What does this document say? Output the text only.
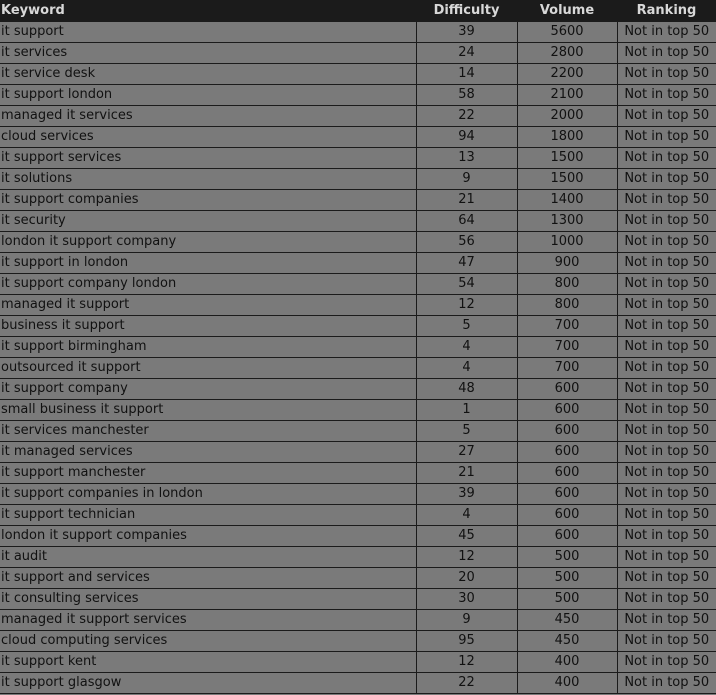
Keyword	Difficulty	Volume	Ranking
it support	39	5600	Not in top 50
it services	24	2800	Not in top 50
it service desk	14	2200	Not in top 50
it support london	58	2100	Not in top 50
managed it services	22	2000	Not in top 50
cloud services	94	1800	Not in top 50
it support services	13	1500	Not in top 50
it solutions	9	1500	Not in top 50
it support companies	21	1400	Not in top 50
it security	64	1300	Not in top 50
london it support company	56	1000	Not in top 50
it support in london	47	900	Not in top 50
it support company london	54	800	Not in top 50
managed it support	12	800	Not in top 50
business it support	5	700	Not in top 50
it support birmingham	4	700	Not in top 50
outsourced it support	4	700	Not in top 50
it support company	48	600	Not in top 50
small business it support	1	600	Not in top 50
it services manchester	5	600	Not in top 50
it managed services	27	600	Not in top 50
it support manchester	21	600	Not in top 50
it support companies in london	39	600	Not in top 50
it support technician	4	600	Not in top 50
london it support companies	45	600	Not in top 50
it audit	12	500	Not in top 50
it support and services	20	500	Not in top 50
it consulting services	30	500	Not in top 50
managed it support services	9	450	Not in top 50
cloud computing services	95	450	Not in top 50
it support kent	12	400	Not in top 50
it support glasgow	22	400	Not in top 50
